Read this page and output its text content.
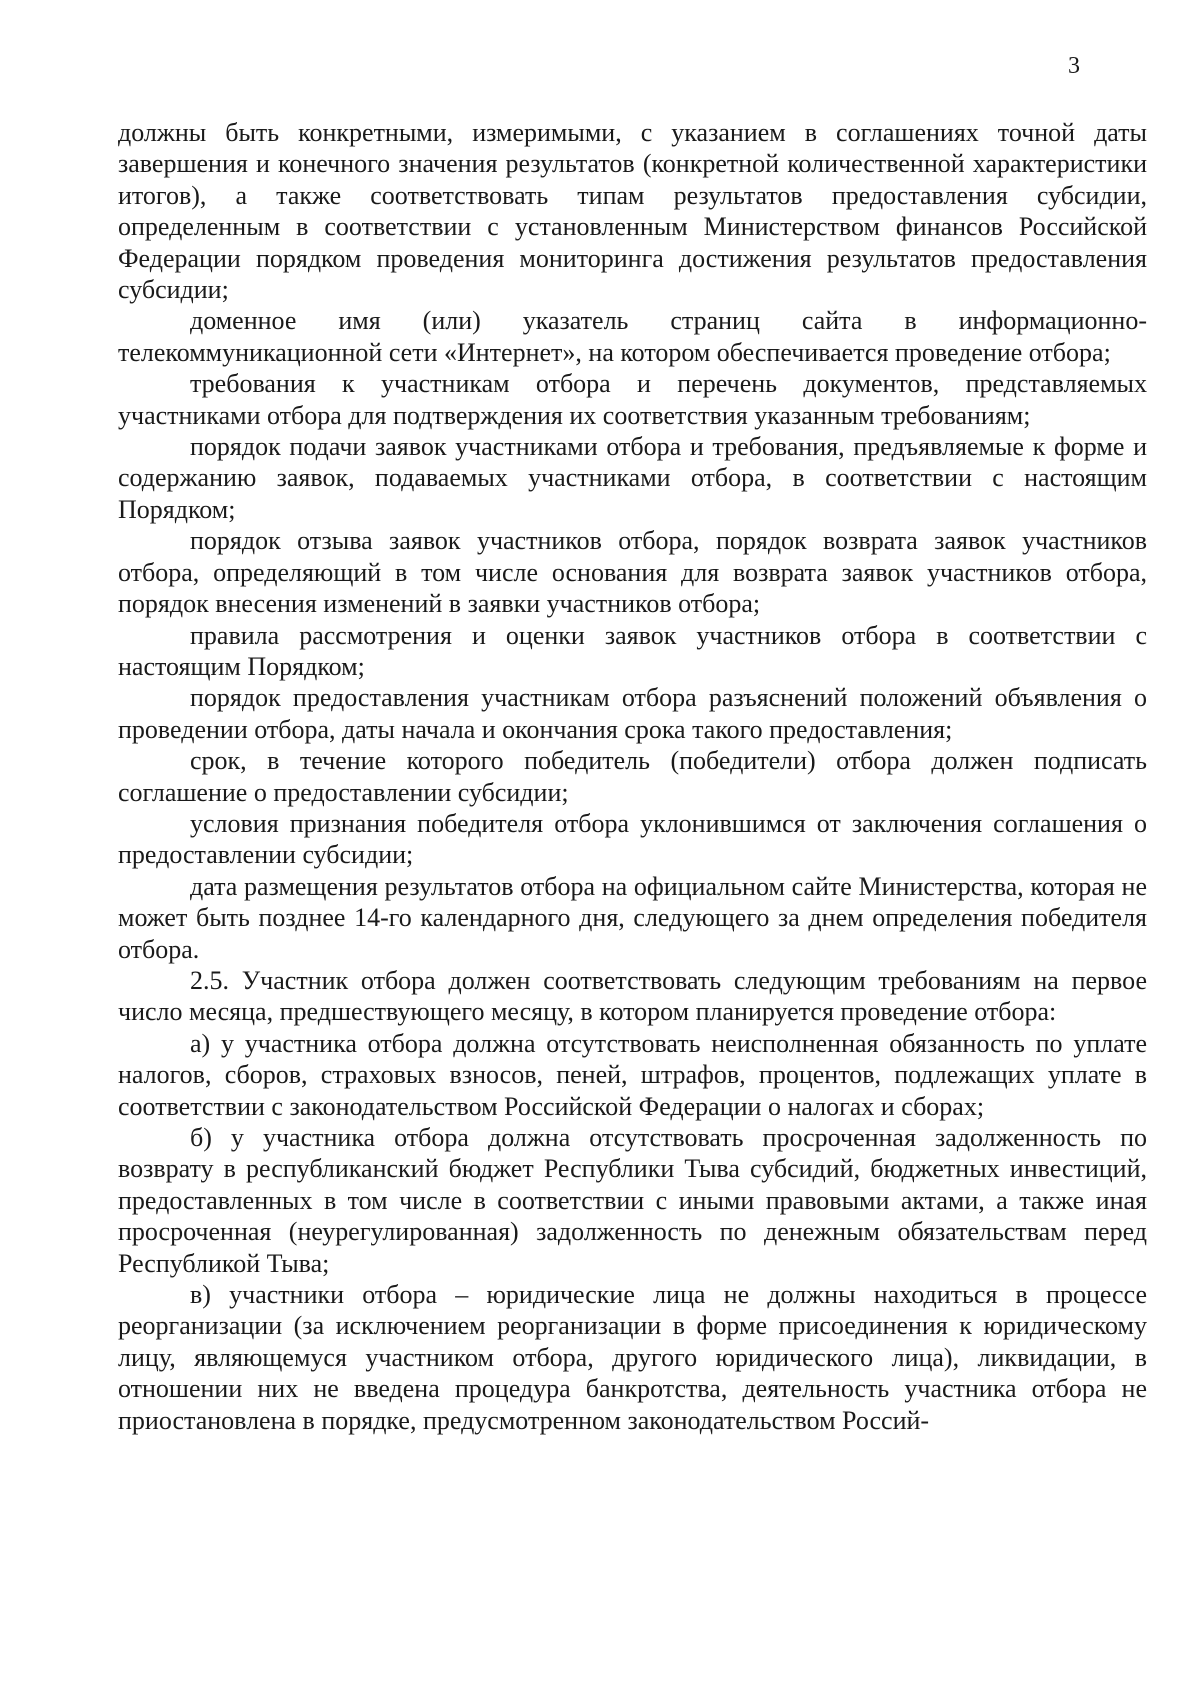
3

должны быть конкретными, измеримыми, с указанием в соглашениях точной даты завершения и конечного значения результатов (конкретной количественной характеристики итогов), а также соответствовать типам результатов предоставления субсидии, определенным в соответствии с установленным Министерством финансов Российской Федерации порядком проведения мониторинга достижения результатов предоставления субсидии;

доменное имя (или) указатель страниц сайта в информационно-телекоммуникационной сети «Интернет», на котором обеспечивается проведение отбора;

требования к участникам отбора и перечень документов, представляемых участниками отбора для подтверждения их соответствия указанным требованиям;

порядок подачи заявок участниками отбора и требования, предъявляемые к форме и содержанию заявок, подаваемых участниками отбора, в соответствии с настоящим Порядком;

порядок отзыва заявок участников отбора, порядок возврата заявок участников отбора, определяющий в том числе основания для возврата заявок участников отбора, порядок внесения изменений в заявки участников отбора;

правила рассмотрения и оценки заявок участников отбора в соответствии с настоящим Порядком;

порядок предоставления участникам отбора разъяснений положений объявления о проведении отбора, даты начала и окончания срока такого предоставления;

срок, в течение которого победитель (победители) отбора должен подписать соглашение о предоставлении субсидии;

условия признания победителя отбора уклонившимся от заключения соглашения о предоставлении субсидии;

дата размещения результатов отбора на официальном сайте Министерства, которая не может быть позднее 14-го календарного дня, следующего за днем определения победителя отбора.

2.5. Участник отбора должен соответствовать следующим требованиям на первое число месяца, предшествующего месяцу, в котором планируется проведение отбора:

а) у участника отбора должна отсутствовать неисполненная обязанность по уплате налогов, сборов, страховых взносов, пеней, штрафов, процентов, подлежащих уплате в соответствии с законодательством Российской Федерации о налогах и сборах;

б) у участника отбора должна отсутствовать просроченная задолженность по возврату в республиканский бюджет Республики Тыва субсидий, бюджетных инвестиций, предоставленных в том числе в соответствии с иными правовыми актами, а также иная просроченная (неурегулированная) задолженность по денежным обязательствам перед Республикой Тыва;

в) участники отбора – юридические лица не должны находиться в процессе реорганизации (за исключением реорганизации в форме присоединения к юридическому лицу, являющемуся участником отбора, другого юридического лица), ликвидации, в отношении них не введена процедура банкротства, деятельность участника отбора не приостановлена в порядке, предусмотренном законодательством Россий-
